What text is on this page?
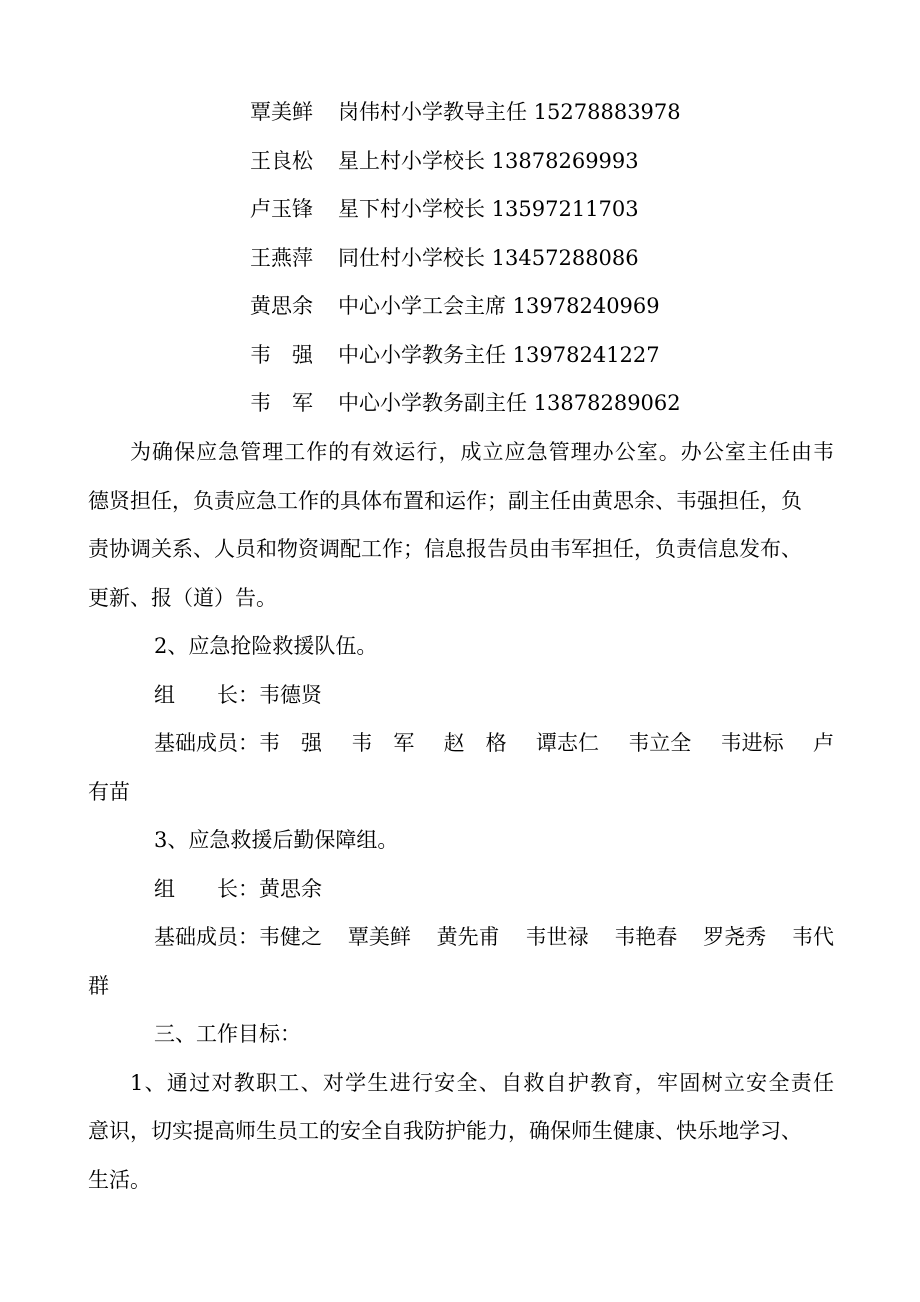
覃美鲜 岗伟村小学教导主任 15278883978
王良松 星上村小学校长 13878269993
卢玉锋 星下村小学校长 13597211703
王燕萍 同仕村小学校长 13457288086
黄思余 中心小学工会主席 13978240969
韦　强 中心小学教务主任 13978241227
韦　军 中心小学教务副主任 13878289062
为确保应急管理工作的有效运行，成立应急管理办公室。办公室主任由韦
德贤担任，负责应急工作的具体布置和运作；副主任由黄思余、韦强担任，负
责协调关系、人员和物资调配工作；信息报告员由韦军担任，负责信息发布、
更新、报（道）告。
2、应急抢险救援队伍。
组　　长：韦德贤
基础成员：韦　强 韦　军 赵　格 谭志仁 韦立全 韦进标 卢
有苗
3、应急救援后勤保障组。
组　　长：黄思余
基础成员：韦健之 覃美鲜 黄先甫 韦世禄 韦艳春 罗尧秀 韦代
群
三、工作目标：
1、通过对教职工、对学生进行安全、自救自护教育，牢固树立安全责任
意识，切实提高师生员工的安全自我防护能力，确保师生健康、快乐地学习、
生活。
